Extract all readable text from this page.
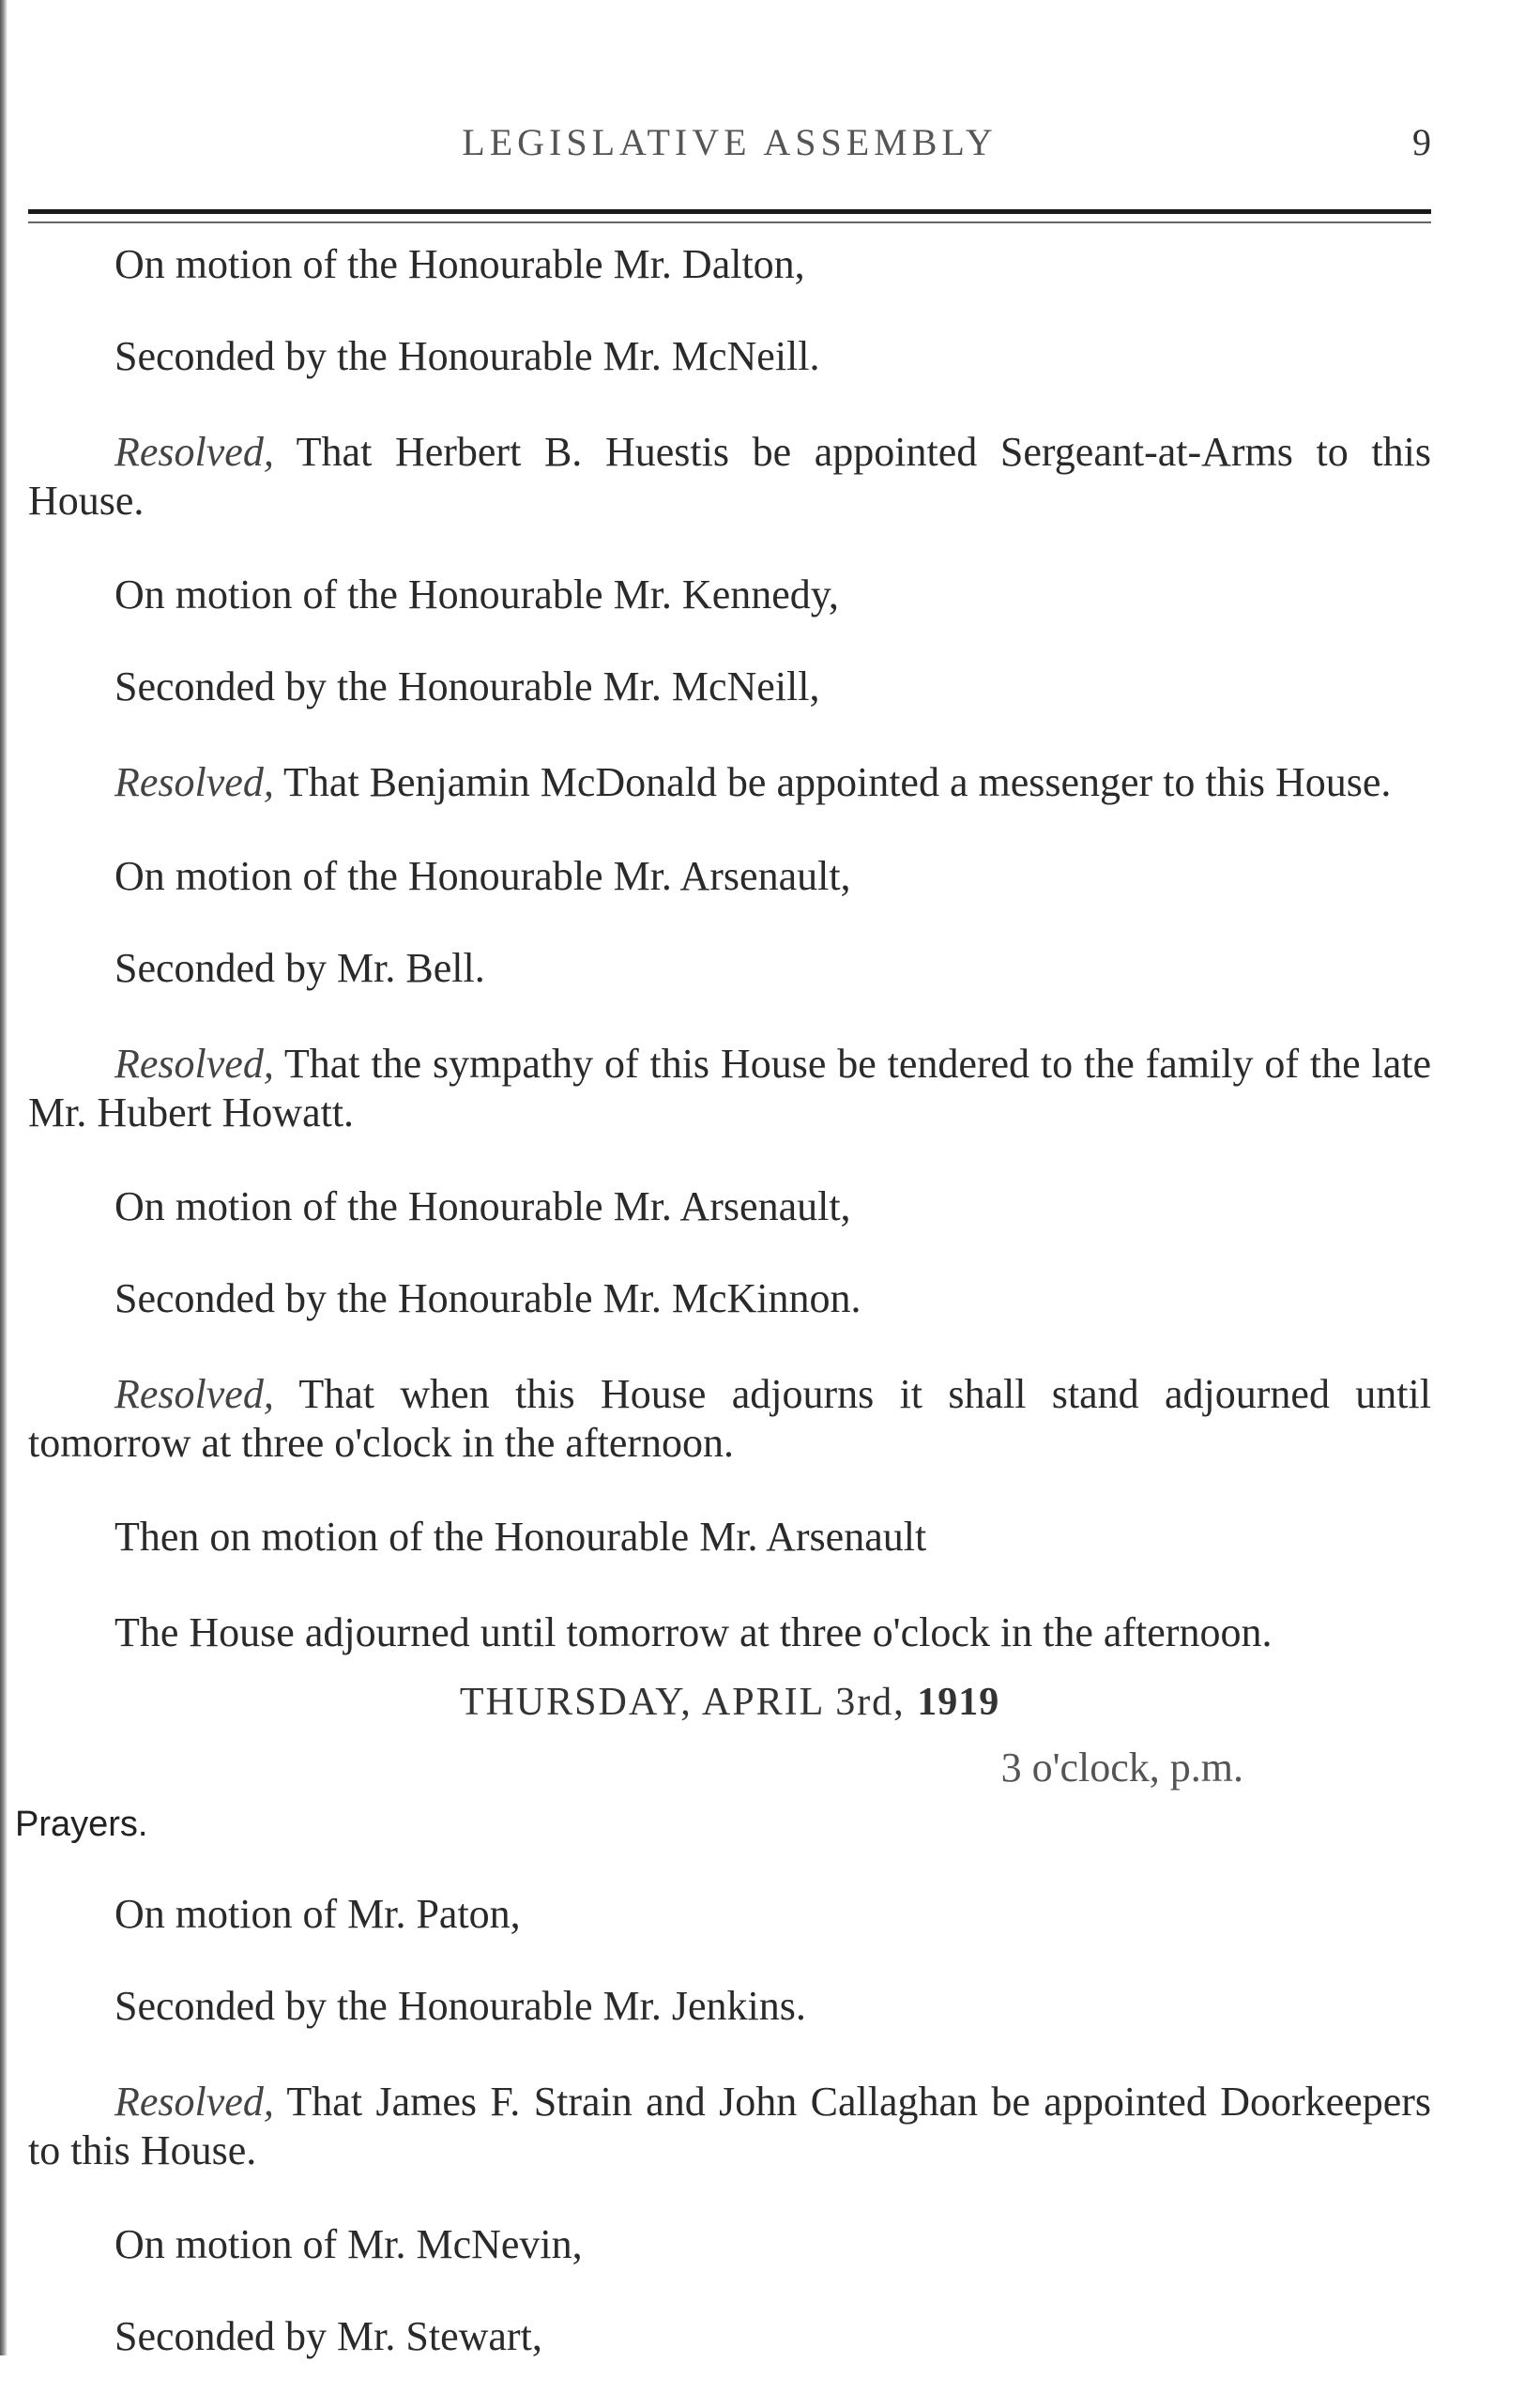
LEGISLATIVE ASSEMBLY	9

On motion of the Honourable Mr. Dalton,

Seconded by the Honourable Mr. McNeill.

Resolved, That Herbert B. Huestis be appointed Sergeant-at-Arms to this House.

On motion of the Honourable Mr. Kennedy,

Seconded by the Honourable Mr. McNeill,

Resolved, That Benjamin McDonald be appointed a messenger to this House.

On motion of the Honourable Mr. Arsenault,

Seconded by Mr. Bell.

Resolved, That the sympathy of this House be tendered to the family of the late Mr. Hubert Howatt.

On motion of the Honourable Mr. Arsenault,

Seconded by the Honourable Mr. McKinnon.

Resolved, That when this House adjourns it shall stand adjourned until tomorrow at three o'clock in the afternoon.

Then on motion of the Honourable Mr. Arsenault

The House adjourned until tomorrow at three o'clock in the afternoon.

THURSDAY, APRIL 3rd, 1919
3 o'clock, p.m.
Prayers.

On motion of Mr. Paton,

Seconded by the Honourable Mr. Jenkins.

Resolved, That James F. Strain and John Callaghan be appointed Doorkeepers to this House.

On motion of Mr. McNevin,

Seconded by Mr. Stewart,
